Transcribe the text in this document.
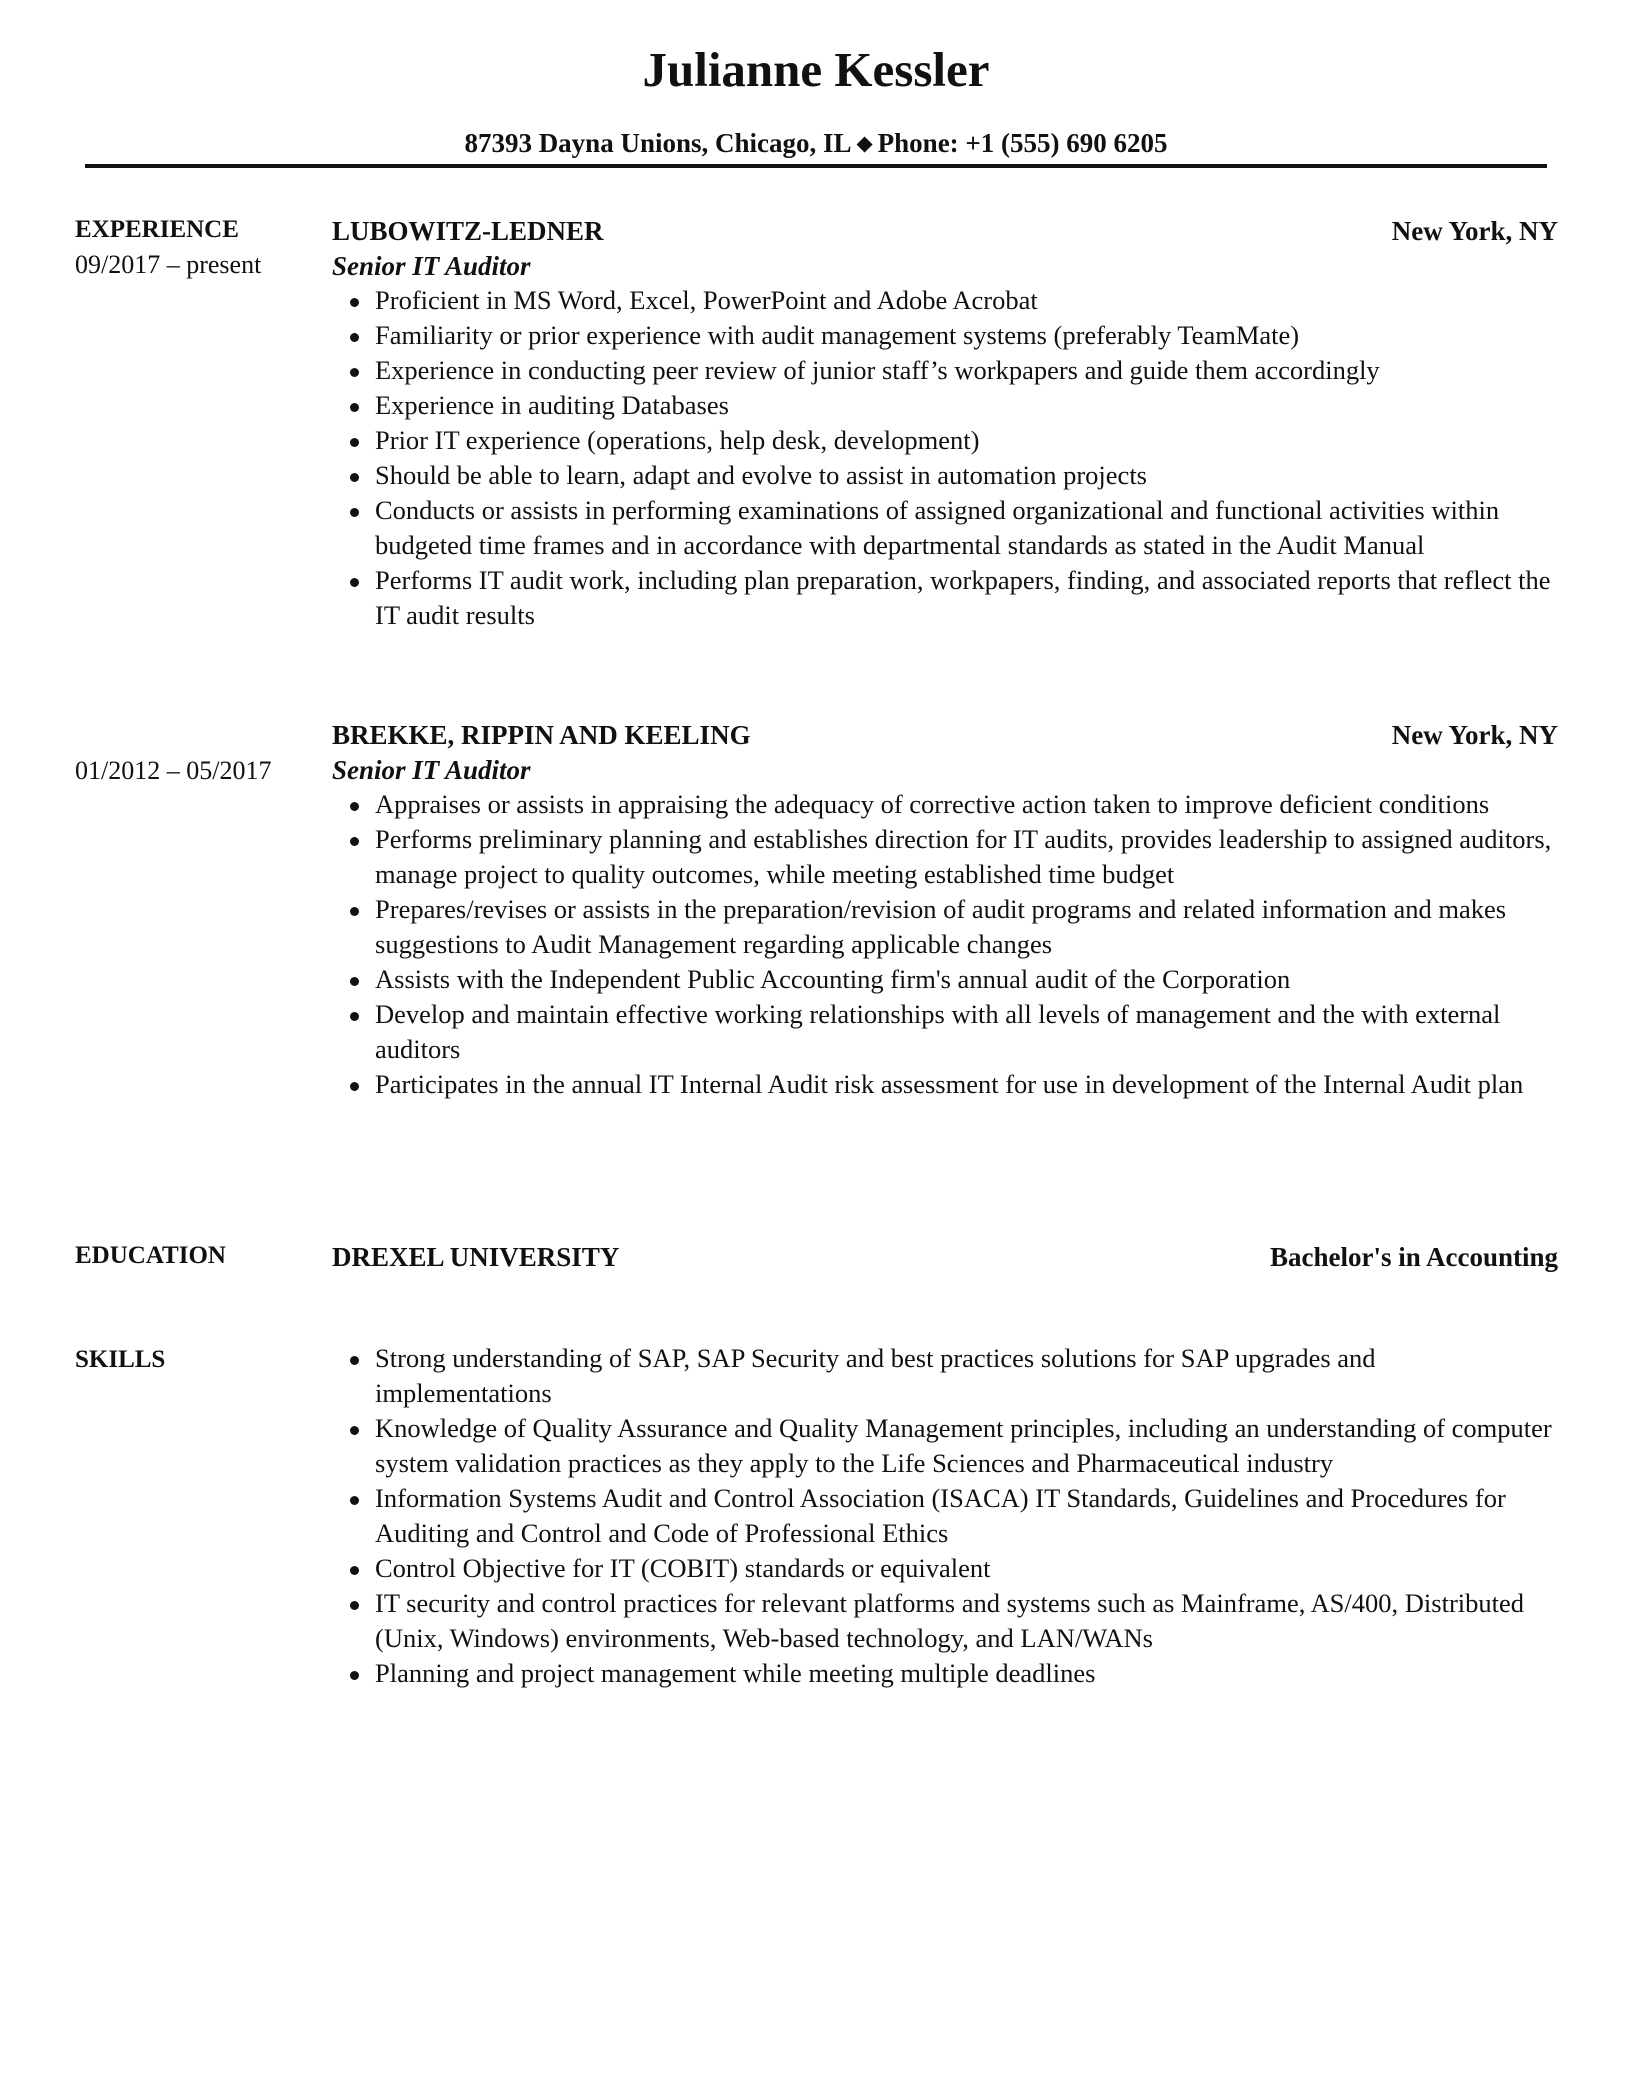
Julianne Kessler
87393 Dayna Unions, Chicago, IL ◆ Phone: +1 (555) 690 6205
EXPERIENCE
09/2017 – present
LUBOWITZ-LEDNER	New York, NY
Senior IT Auditor
Proficient in MS Word, Excel, PowerPoint and Adobe Acrobat
Familiarity or prior experience with audit management systems (preferably TeamMate)
Experience in conducting peer review of junior staff’s workpapers and guide them accordingly
Experience in auditing Databases
Prior IT experience (operations, help desk, development)
Should be able to learn, adapt and evolve to assist in automation projects
Conducts or assists in performing examinations of assigned organizational and functional activities within budgeted time frames and in accordance with departmental standards as stated in the Audit Manual
Performs IT audit work, including plan preparation, workpapers, finding, and associated reports that reflect the IT audit results
01/2012 – 05/2017
BREKKE, RIPPIN AND KEELING	New York, NY
Senior IT Auditor
Appraises or assists in appraising the adequacy of corrective action taken to improve deficient conditions
Performs preliminary planning and establishes direction for IT audits, provides leadership to assigned auditors, manage project to quality outcomes, while meeting established time budget
Prepares/revises or assists in the preparation/revision of audit programs and related information and makes suggestions to Audit Management regarding applicable changes
Assists with the Independent Public Accounting firm's annual audit of the Corporation
Develop and maintain effective working relationships with all levels of management and the with external auditors
Participates in the annual IT Internal Audit risk assessment for use in development of the Internal Audit plan
EDUCATION	DREXEL UNIVERSITY	Bachelor's in Accounting
SKILLS	Strong understanding of SAP, SAP Security and best practices solutions for SAP upgrades and implementations
Knowledge of Quality Assurance and Quality Management principles, including an understanding of computer system validation practices as they apply to the Life Sciences and Pharmaceutical industry
Information Systems Audit and Control Association (ISACA) IT Standards, Guidelines and Procedures for Auditing and Control and Code of Professional Ethics
Control Objective for IT (COBIT) standards or equivalent
IT security and control practices for relevant platforms and systems such as Mainframe, AS/400, Distributed (Unix, Windows) environments, Web-based technology, and LAN/WANs
Planning and project management while meeting multiple deadlines
